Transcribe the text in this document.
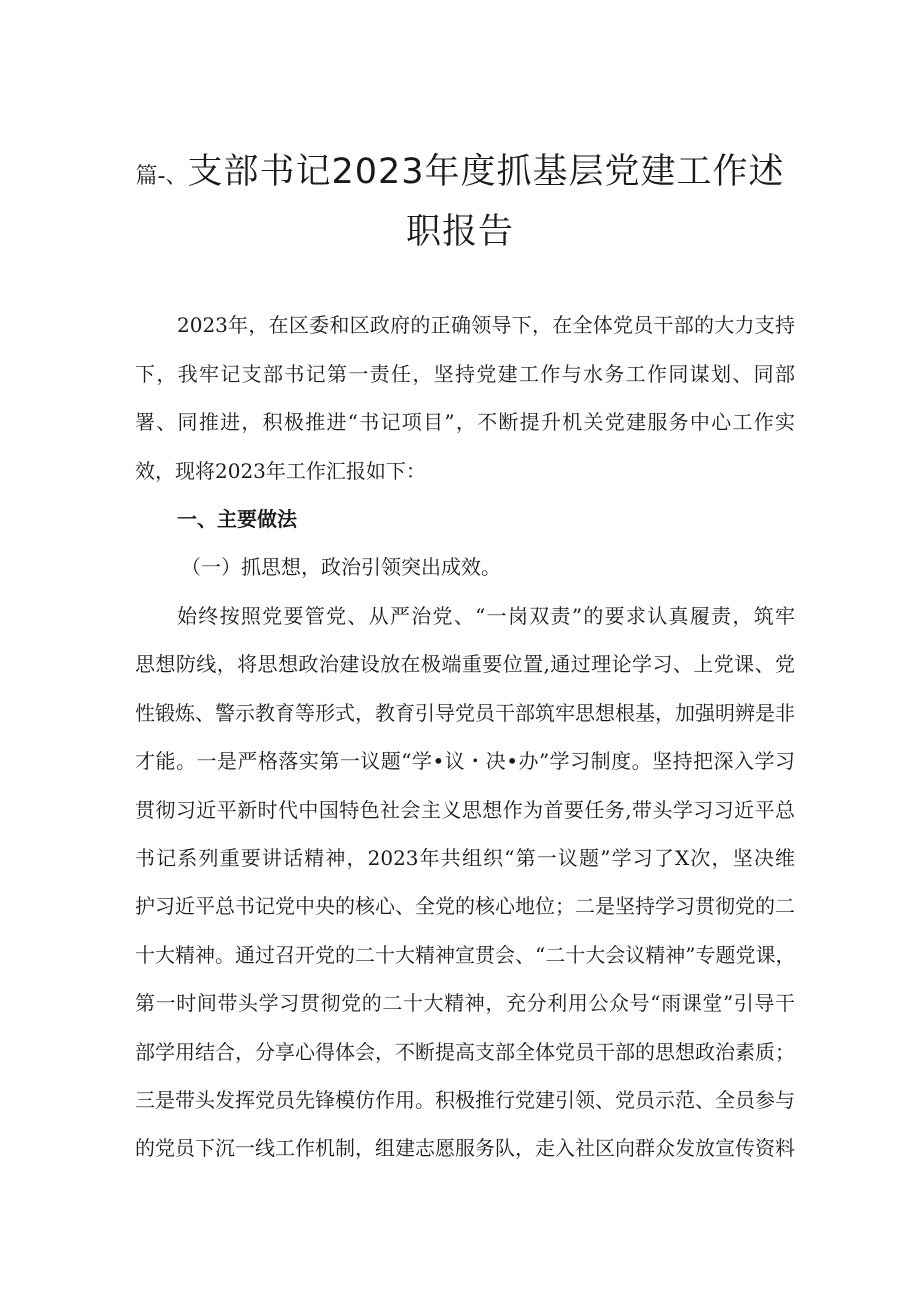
篇-、支部书记2023年度抓基层党建工作述
职报告
2023年，在区委和区政府的正确领导下，在全体党员干部的大力支持
下，我牢记支部书记第一责任，坚持党建工作与水务工作同谋划、同部
署、同推进，积极推进“书记项目”，不断提升机关党建服务中心工作实
效，现将2023年工作汇报如下：
一、主要做法
（一）抓思想，政治引领突出成效。
始终按照党要管党、从严治党、“一岗双责”的要求认真履责，筑牢
思想防线，将思想政治建设放在极端重要位置,通过理论学习、上党课、党
性锻炼、警示教育等形式，教育引导党员干部筑牢思想根基，加强明辨是非
才能。一是严格落实第一议题“学•议・决•办”学习制度。坚持把深入学习
贯彻习近平新时代中国特色社会主义思想作为首要任务,带头学习习近平总
书记系列重要讲话精神，2023年共组织“第一议题”学习了X次，坚决维
护习近平总书记党中央的核心、全党的核心地位；二是坚持学习贯彻党的二
十大精神。通过召开党的二十大精神宣贯会、“二十大会议精神”专题党课，
第一时间带头学习贯彻党的二十大精神，充分利用公众号“雨课堂”引导干
部学用结合，分享心得体会，不断提高支部全体党员干部的思想政治素质；
三是带头发挥党员先锋模仿作用。积极推行党建引领、党员示范、全员参与
的党员下沉一线工作机制，组建志愿服务队，走入社区向群众发放宣传资料
